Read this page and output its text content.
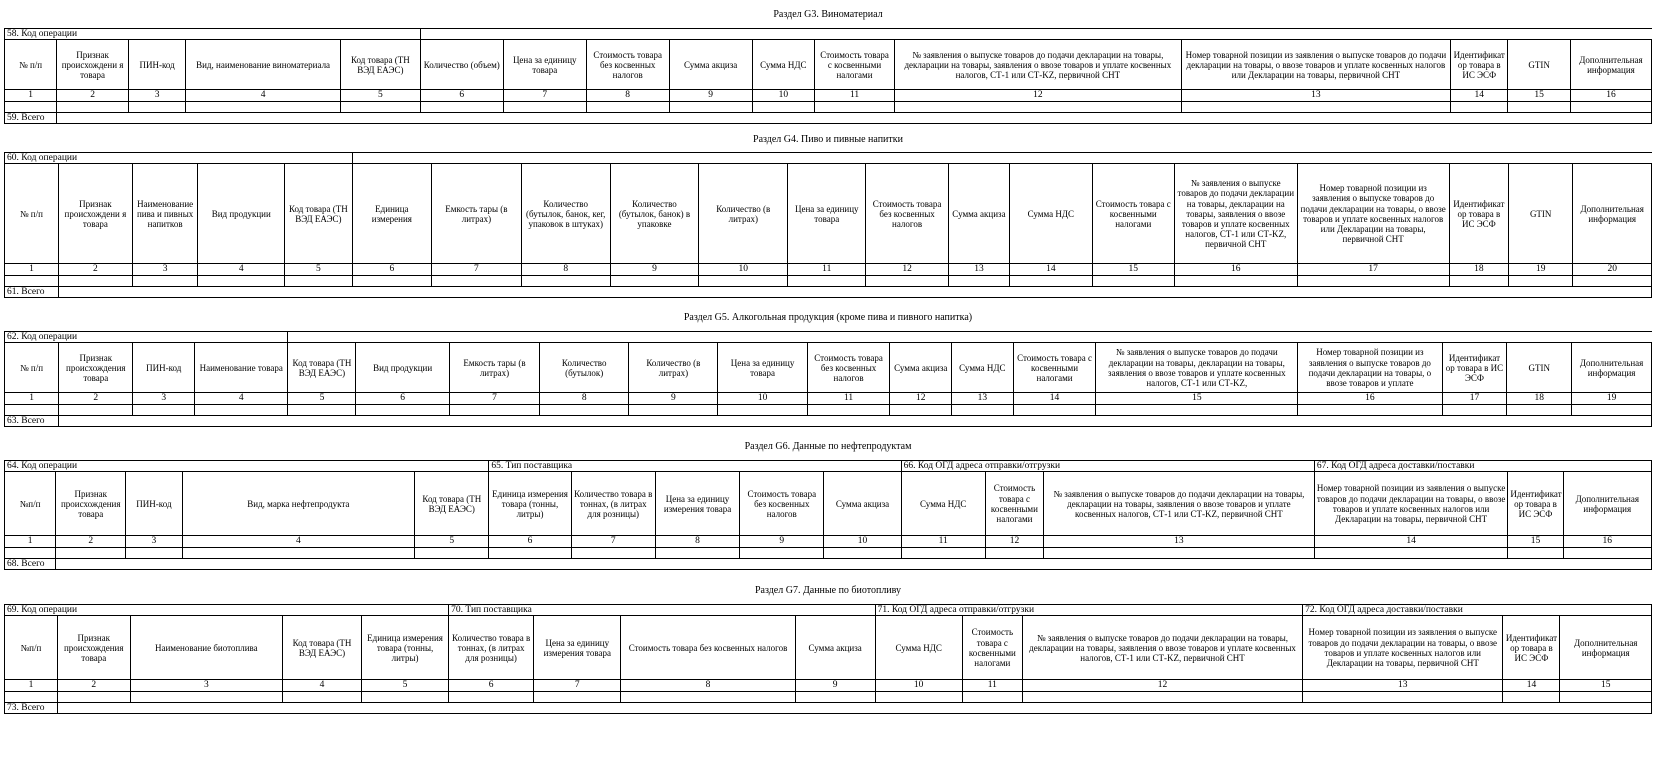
Раздел G3. Виноматериал															
58. Код операции															
№ п/п	Признак происхождени я товара	ПИН-код	Вид, наименование виноматериала	Код товара (ТН ВЭД ЕАЭС)	Количество (объем)	Цена за единицу товара	Стоимость товара без косвенных налогов	Сумма акциза	Сумма НДС	Стоимость товара с косвенными налогами	№ заявления о выпуске товаров до подачи декларации на товары, декларации на товары, заявления о ввозе товаров и уплате косвенных налогов, СТ-1 или СТ-KZ, первичной СНТ	Номер товарной позиции из заявления о выпуске товаров до подачи декларации на товары, о ввозе товаров и уплате косвенных налогов или Декларации на товары, первичной СНТ	Идентификат ор товара в ИС ЭСФ	GTIN	Дополнительная информация
1	2	3	4	5	6	7	8	9	10	11	12	13	14	15	16

59. Всего															
Раздел G4. Пиво и пивные напитки																			
60. Код операции																			
№ п/п	Признак происхождени я товара	Наименование пива и пивных напитков	Вид продукции	Код товара (ТН ВЭД ЕАЭС)	Единица измерения	Емкость тары (в литрах)	Количество (бутылок, банок, кег, упаковок в штуках)	Количество (бутылок, банок) в упаковке	Количество (в литрах)	Цена за единицу товара	Стоимость товара без косвенных налогов	Сумма акциза	Сумма НДС	Стоимость товара с косвенными налогами	№ заявления о выпуске товаров до подачи декларации на товары, декларации на товары, заявления о ввозе товаров и уплате косвенных налогов, СТ-1 или СТ-KZ, первичной СНТ	Номер товарной позиции из заявления о выпуске товаров до подачи декларации на товары, о ввозе товаров и уплате косвенных налогов или Декларации на товары, первичной СНТ	Идентификат ор товара в ИС ЭСФ	GTIN	Дополнительная информация
1	2	3	4	5	6	7	8	9	10	11	12	13	14	15	16	17	18	19	20

61. Всего																			
Раздел G5. Алкогольная продукция (кроме пива и пивного напитка)																		
62. Код операции																		
№ п/п	Признак происхождения товара	ПИН-код	Наименование товара	Код товара (ТН ВЭД ЕАЭС)	Вид продукции	Емкость тары (в литрах)	Количество (бутылок)	Количество (в литрах)	Цена за единицу товара	Стоимость товара без косвенных налогов	Сумма акциза	Сумма НДС	Стоимость товара с косвенными налогами	№ заявления о выпуске товаров до подачи декларации на товары, декларации на товары, заявления о ввозе товаров и уплате косвенных налогов, СТ-1 или СТ-KZ,	Номер товарной позиции из заявления о выпуске товаров до подачи декларации на товары, о ввозе товаров и уплате	Идентификат ор товара в ИС ЭСФ	GTIN	Дополнительная информация
1	2	3	4	5	6	7	8	9	10	11	12	13	14	15	16	17	18	19

63. Всего																		
Раздел G6. Данные по нефтепродуктам															
64. Код операции					65. Тип поставщика					66. Код ОГД адреса отправки/отгрузки			67. Код ОГД адреса доставки/поставки		
№п/п	Признак происхождения товара	ПИН-код	Вид, марка нефтепродукта	Код товара (ТН ВЭД ЕАЭС)	Единица измерения товара (тонны, литры)	Количество товара в тоннах, (в литрах для розницы)	Цена за единицу измерения товара	Стоимость товара без косвенных налогов	Сумма акциза	Сумма НДС	Стоимость товара с косвенными налогами	№ заявления о выпуске товаров до подачи декларации на товары, декларации на товары, заявления о ввозе товаров и уплате косвенных налогов, СТ-1 или СТ-KZ, первичной СНТ	Номер товарной позиции из заявления о выпуске товаров до подачи декларации на товары, о ввозе товаров и уплате косвенных налогов или Декларации на товары, первичной СНТ	Идентификат ор товара в ИС ЭСФ	Дополнительная информация
1	2	3	4	5	6	7	8	9	10	11	12	13	14	15	16

68. Всего															
Раздел G7. Данные по биотопливу														
69. Код операции					70. Тип поставщика				71. Код ОГД адреса отправки/отгрузки			72. Код ОГД адреса доставки/поставки		
№п/п	Признак происхождения товара	Наименование биотоплива	Код товара (ТН ВЭД ЕАЭС)	Единица измерения товара (тонны, литры)	Количество товара в тоннах, (в литрах для розницы)	Цена за единицу измерения товара	Стоимость товара без косвенных налогов	Сумма акциза	Сумма НДС	Стоимость товара с косвенными налогами	№ заявления о выпуске товаров до подачи декларации на товары, декларации на товары, заявления о ввозе товаров и уплате косвенных налогов, СТ-1 или СТ-KZ, первичной СНТ	Номер товарной позиции из заявления о выпуске товаров до подачи декларации на товары, о ввозе товаров и уплате косвенных налогов или Декларации на товары, первичной СНТ	Идентификат ор товара в ИС ЭСФ	Дополнительная информация
1	2	3	4	5	6	7	8	9	10	11	12	13	14	15

73. Всего														
